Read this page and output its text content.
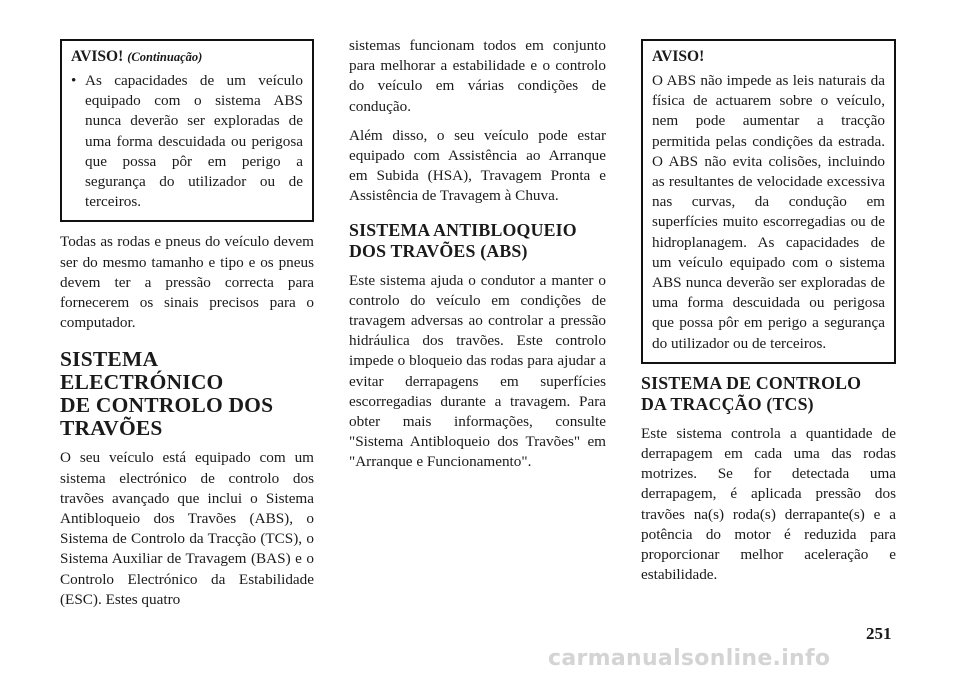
AVISO! (Continuação)
• As capacidades de um veículo equipado com o sistema ABS nunca deverão ser exploradas de uma forma descuidada ou perigosa que possa pôr em perigo a segurança do utilizador ou de terceiros.

Todas as rodas e pneus do veículo devem ser do mesmo tamanho e tipo e os pneus devem ter a pressão correcta para fornecerem os sinais precisos para o computador.

SISTEMA ELECTRÓNICO
DE CONTROLO DOS
TRAVÕES

O seu veículo está equipado com um sistema electrónico de controlo dos travões avançado que inclui o Sistema Antibloqueio dos Travões (ABS), o Sistema de Controlo da Tracção (TCS), o Sistema Auxiliar de Travagem (BAS) e o Controlo Electrónico da Estabilidade (ESC). Estes quatro

sistemas funcionam todos em conjunto para melhorar a estabilidade e o controlo do veículo em várias condições de condução.

Além disso, o seu veículo pode estar equipado com Assistência ao Arranque em Subida (HSA), Travagem Pronta e Assistência de Travagem à Chuva.

SISTEMA ANTIBLOQUEIO
DOS TRAVÕES (ABS)

Este sistema ajuda o condutor a manter o controlo do veículo em condições de travagem adversas ao controlar a pressão hidráulica dos travões. Este controlo impede o bloqueio das rodas para ajudar a evitar derrapagens em superfícies escorregadias durante a travagem. Para obter mais informações, consulte "Sistema Antibloqueio dos Travões" em "Arranque e Funcionamento".

AVISO!

O ABS não impede as leis naturais da física de actuarem sobre o veículo, nem pode aumentar a tracção permitida pelas condições da estrada. O ABS não evita colisões, incluindo as resultantes de velocidade excessiva nas curvas, da condução em superfícies muito escorregadias ou de hidroplanagem. As capacidades de um veículo equipado com o sistema ABS nunca deverão ser exploradas de uma forma descuidada ou perigosa que possa pôr em perigo a segurança do utilizador ou de terceiros.

SISTEMA DE CONTROLO
DA TRACÇÃO (TCS)

Este sistema controla a quantidade de derrapagem em cada uma das rodas motrizes. Se for detectada uma derrapagem, é aplicada pressão dos travões na(s) roda(s) derrapante(s) e a potência do motor é reduzida para proporcionar melhor aceleração e estabilidade.

251
carmanualsonline.info
